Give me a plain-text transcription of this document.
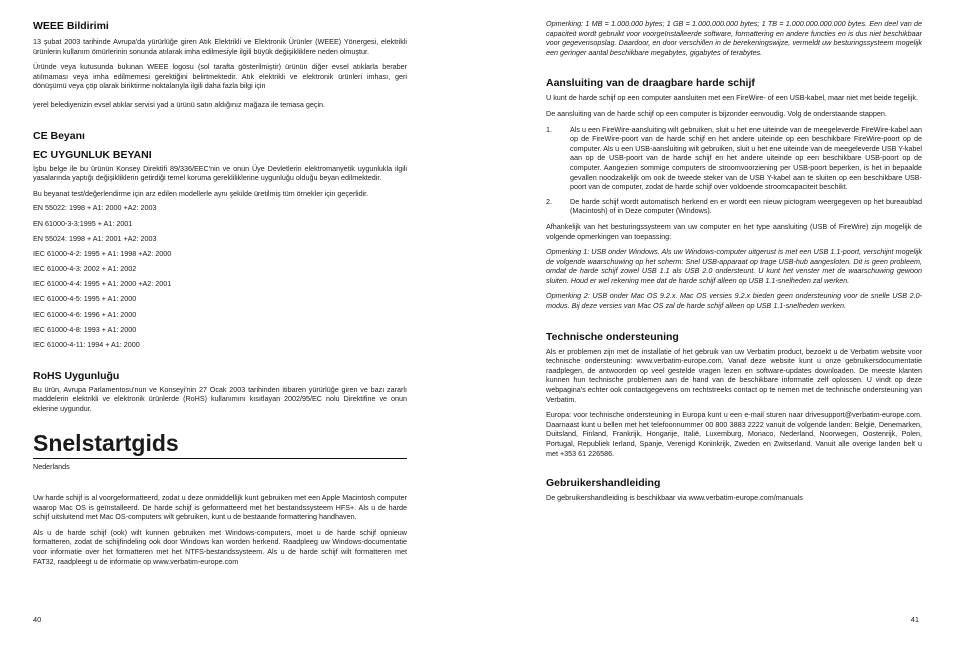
WEEE Bildirimi

13 şubat 2003 tarihinde Avrupa'da yürürlüğe giren Atık Elektrikli ve Elektronik Ürünler (WEEE) Yönergesi, elektrikli ürünlerin kullanım ömürlerinin sonunda atılarak imha edilmesiyle ilgili büyük değişikliklere neden olmuştur.

Üründe veya kutusunda bulunan WEEE logosu (sol tarafta gösterilmiştir) ürünün diğer evsel atıklarla beraber atılmaması veya imha edilmemesi gerektiğini belirtmektedir. Atık elektrikli ve elektronik ürünleri imhası, geri dönüşümü veya çöp olarak biriktirme noktalarıyla ilgili daha fazla bilgi için

yerel belediyenizin evsel atıklar servisi yad a ürünü satın aldığınız mağaza ile temasa geçin.

CE Beyanı
EC UYGUNLUK BEYANI

İşbu belge ile bu ürünün Konsey Direktifi 89/336/EEC'nin ve onun Üye Devletlerin elektromanyetik uygunlukla ilgili yasalarında yaptığı değişikliklerin getirdiği temel koruma gerekliliklerine uygunluğu olduğu beyan edilmektedir.

Bu beyanat test/değerlendirme için arz edilen modellerle aynı şekilde üretilmiş tüm örnekler için geçerlidir.

EN 55022: 1998 + A1: 2000 +A2: 2003

EN 61000-3-3:1995 + A1: 2001

EN 55024: 1998 + A1: 2001 +A2: 2003

IEC 61000-4-2: 1995 + A1: 1998 +A2: 2000

IEC 61000-4-3: 2002 + A1: 2002

IEC 61000-4-4: 1995 + A1: 2000 +A2: 2001

IEC 61000-4-5: 1995 + A1: 2000

IEC 61000-4-6: 1996 + A1: 2000

IEC 61000-4-8: 1993 + A1: 2000

IEC 61000-4-11: 1994 + A1: 2000

RoHS Uygunluğu

Bu ürün, Avrupa Parlamentosu'nun ve Konseyi'nin 27 Ocak 2003 tarihinden itibaren yürürlüğe giren ve bazı zararlı maddelerin elektrikli ve elektronik ürünlerde (RoHS) kullanımını kısıtlayan 2002/95/EC nolu Direktifine ve onun eklerine uygundur.

Snelstartgids

Nederlands

Uw harde schijf is al voorgeformatteerd, zodat u deze onmiddellijk kunt gebruiken met een Apple Macintosh computer waarop Mac OS is geïnstalleerd. De harde schijf is geformatteerd met het bestandssysteem HFS+. Als u de harde schijf uitsluitend met Mac OS-computers wilt gebruiken, kunt u de bestaande formattering handhaven.

Als u de harde schijf (ook) wilt kunnen gebruiken met Windows-computers, moet u de harde schijf opnieuw formatteren, zodat de schijfindeling ook door Windows kan worden herkend. Raadpleeg uw Windows-documentatie voor informatie over het formatteren met het NTFS-bestandssysteem. Als u de harde schijf wilt formatteren met FAT32, raadpleegt u de informatie op www.verbatim-europe.com

40

Opmerking: 1 MB = 1.000.000 bytes; 1 GB = 1.000.000.000 bytes; 1 TB = 1.000.000.000.000 bytes. Een deel van de capaciteit wordt gebruikt voor voorgeïnstalleerde software, formattering en andere functies en is dus niet beschikbaar voor gegevensopslag. Daardoor, en door verschillen in de berekeningswijze, vermeldt uw besturingssysteem mogelijk een geringer aantal beschikbare megabytes, gigabytes of terabytes.

Aansluiting van de draagbare harde schijf

U kunt de harde schijf op een computer aansluiten met een FireWire- of een USB-kabel, maar niet met beide tegelijk.

De aansluiting van de harde schijf op een computer is bijzonder eenvoudig. Volg de onderstaande stappen.

1.	Als u een FireWire-aansluiting wilt gebruiken, sluit u het ene uiteinde van de meegeleverde FireWire-kabel aan op de FireWire-poort van de harde schijf en het andere uiteinde op een beschikbare FireWire-poort op de computer. Als u een USB-aansluiting wilt gebruiken, sluit u het ene uiteinde van de meegeleverde USB Y-kabel aan op de USB-poort van de harde schijf en het andere uiteinde op een beschikbare USB-poort op de computer. Aangezien sommige computers de stroomvoorziening per USB-poort beperken, is het in bepaalde gevallen noodzakelijk om ook de tweede steker van de USB Y-kabel aan te sluiten op een beschikbare USB-poort van de computer, zodat de harde schijf over voldoende stroomcapaciteit beschikt.
2.	De harde schijf wordt automatisch herkend en er wordt een nieuw pictogram weergegeven op het bureaublad (Macintosh) of in Deze computer (Windows).

Afhankelijk van het besturingssysteem van uw computer en het type aansluiting (USB of FireWire) zijn mogelijk de volgende opmerkingen van toepassing:

Opmerking 1: USB onder Windows. Als uw Windows-computer uitgerust is met een USB 1.1-poort, verschijnt mogelijk de volgende waarschuwing op het scherm: Snel USB-apparaat op trage USB-hub aangesloten. Dit is geen probleem, omdat de harde schijf zowel USB 1.1 als USB 2.0 ondersteunt. U kunt het venster met de waarschuwing gewoon sluiten. Houd er wel rekening mee dat de harde schijf alleen op USB 1.1-snelheden zal werken.

Opmerking 2: USB onder Mac OS 9.2.x. Mac OS versies 9.2.x bieden geen ondersteuning voor de snelle USB 2.0-modus. Bij deze versies van Mac OS zal de harde schijf alleen op USB 1.1-snelheden werken.

Technische ondersteuning

Als er problemen zijn met de installatie of het gebruik van uw Verbatim product, bezoekt u de Verbatim website voor technische ondersteuning: www.verbatim-europe.com. Vanaf deze website kunt u onze gebruikersdocumentatie raadplegen, de antwoorden op veel gestelde vragen lezen en software-updates downloaden. De meeste klanten kunnen hun technische problemen aan de hand van de beschikbare informatie zelf oplossen. U vindt op deze webpagina's echter ook contactgegevens om rechtstreeks contact op te nemen met de technische ondersteuning van Verbatim.

Europa: voor technische ondersteuning in Europa kunt u een e-mail sturen naar drivesupport@verbatim-europe.com. Daarnaast kunt u bellen met het telefoonnummer 00 800 3883 2222 vanuit de volgende landen: België, Denemarken, Duitsland, Finland, Frankrijk, Hongarije, Italië, Luxemburg, Monaco, Nederland, Noorwegen, Oostenrijk, Polen, Portugal, Republiek Ierland, Spanje, Verenigd Koninkrijk, Zweden en Zwitserland. Vanuit alle overige landen belt u met +353 61 226586.

Gebruikershandleiding

De gebruikershandleiding is beschikbaar via www.verbatim-europe.com/manuals

41
